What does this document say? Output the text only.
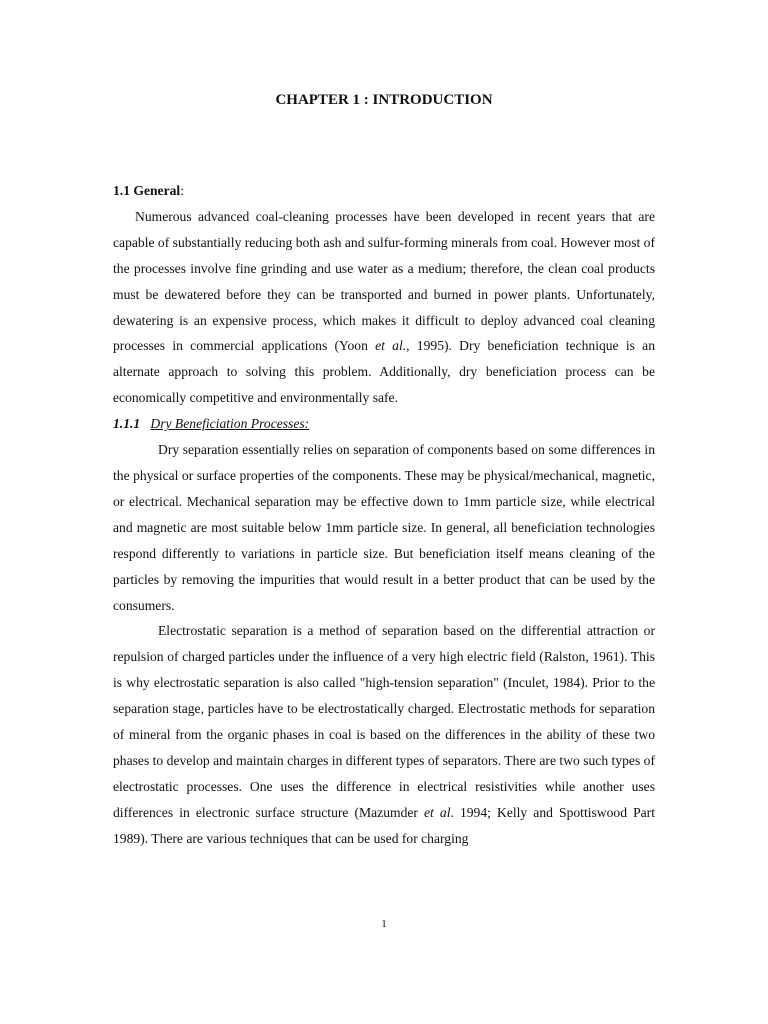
CHAPTER 1 : INTRODUCTION

1.1 General:

Numerous advanced coal-cleaning processes have been developed in recent years that are capable of substantially reducing both ash and sulfur-forming minerals from coal. However most of the processes involve fine grinding and use water as a medium; therefore, the clean coal products must be dewatered before they can be transported and burned in power plants. Unfortunately, dewatering is an expensive process, which makes it difficult to deploy advanced coal cleaning processes in commercial applications (Yoon et al., 1995). Dry beneficiation technique is an alternate approach to solving this problem. Additionally, dry beneficiation process can be economically competitive and environmentally safe.

1.1.1 Dry Beneficiation Processes:

Dry separation essentially relies on separation of components based on some differences in the physical or surface properties of the components. These may be physical/mechanical, magnetic, or electrical. Mechanical separation may be effective down to 1mm particle size, while electrical and magnetic are most suitable below 1mm particle size. In general, all beneficiation technologies respond differently to variations in particle size. But beneficiation itself means cleaning of the particles by removing the impurities that would result in a better product that can be used by the consumers.

Electrostatic separation is a method of separation based on the differential attraction or repulsion of charged particles under the influence of a very high electric field (Ralston, 1961). This is why electrostatic separation is also called "high-tension separation" (Inculet, 1984). Prior to the separation stage, particles have to be electrostatically charged. Electrostatic methods for separation of mineral from the organic phases in coal is based on the differences in the ability of these two phases to develop and maintain charges in different types of separators. There are two such types of electrostatic processes. One uses the difference in electrical resistivities while another uses differences in electronic surface structure (Mazumder et al. 1994; Kelly and Spottiswood Part 1989). There are various techniques that can be used for charging

1
